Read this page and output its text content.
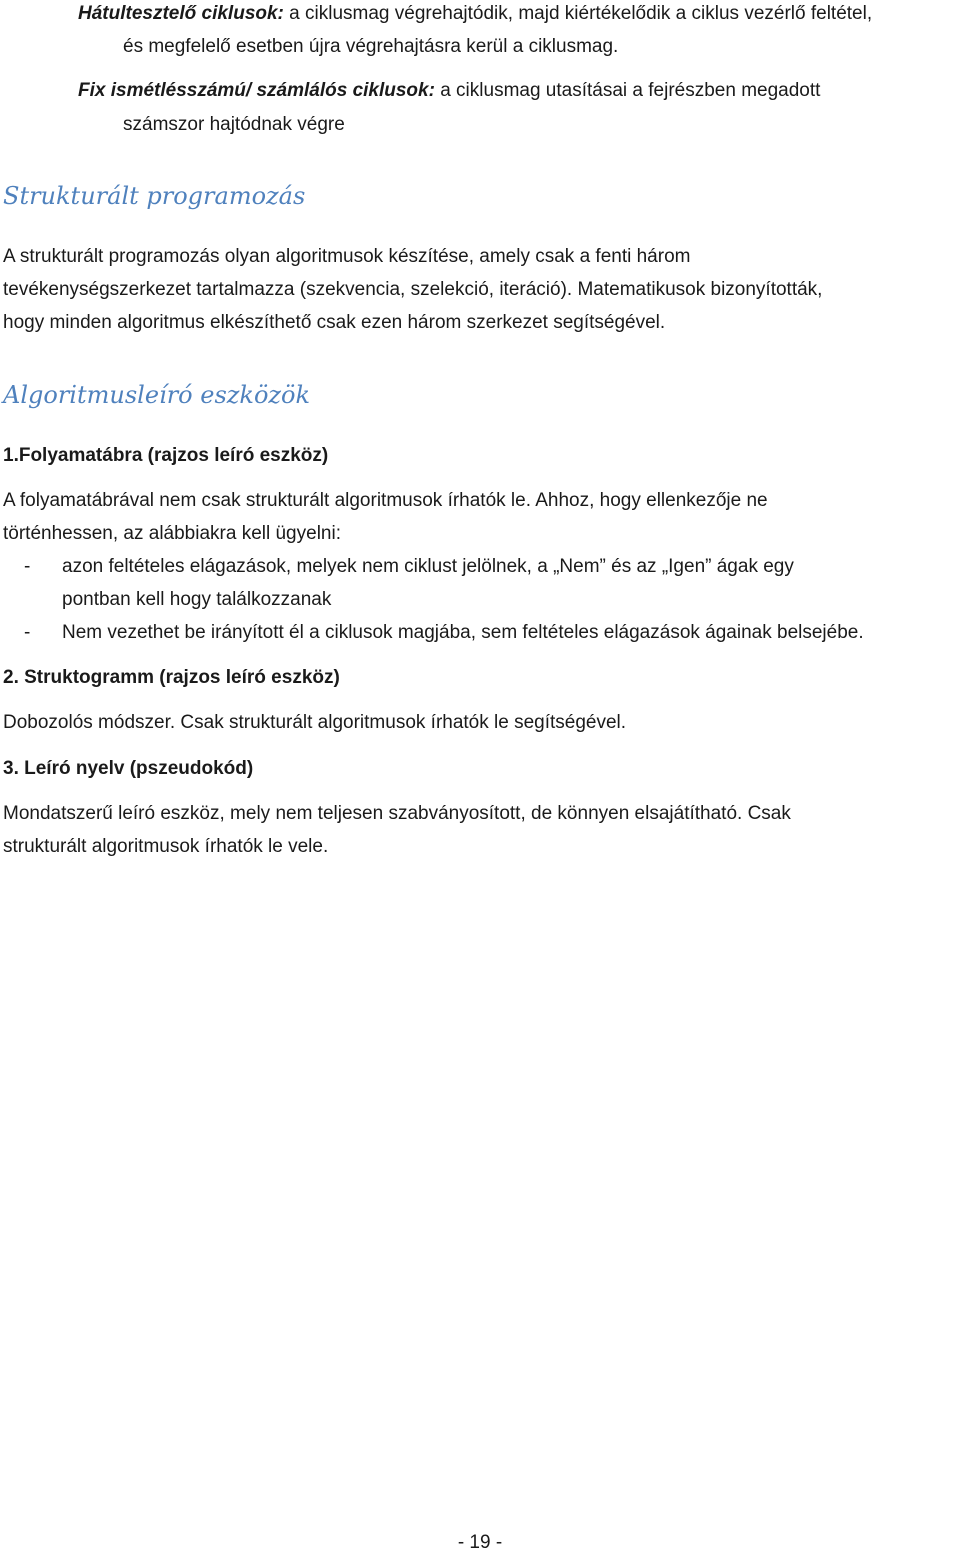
Hátultesztelő ciklusok: a ciklusmag végrehajtódik, majd kiértékelődik a ciklus vezérlő feltétel,
és megfelelő esetben újra végrehajtásra kerül a ciklusmag.
Fix ismétlésszámú/ számlálós ciklusok: a ciklusmag utasításai a fejrészben megadott
számszor hajtódnak végre
Strukturált programozás
A strukturált programozás olyan algoritmusok készítése, amely csak a fenti három
tevékenységszerkezet tartalmazza (szekvencia, szelekció, iteráció). Matematikusok bizonyították,
hogy minden algoritmus elkészíthető csak ezen három szerkezet segítségével.
Algoritmusleíró eszközök
1.Folyamatábra (rajzos leíró eszköz)
A folyamatábrával nem csak strukturált algoritmusok írhatók le. Ahhoz, hogy ellenkezője ne
történhessen, az alábbiakra kell ügyelni:
- azon feltételes elágazások, melyek nem ciklust jelölnek, a „Nem” és az „Igen” ágak egy
pontban kell hogy találkozzanak
- Nem vezethet be irányított él a ciklusok magjába, sem feltételes elágazások ágainak belsejébe.
2. Struktogramm (rajzos leíró eszköz)
Dobozolós módszer. Csak strukturált algoritmusok írhatók le segítségével.
3. Leíró nyelv (pszeudokód)
Mondatszerű leíró eszköz, mely nem teljesen szabványosított, de könnyen elsajátítható. Csak
strukturált algoritmusok írhatók le vele.
- 19 -
